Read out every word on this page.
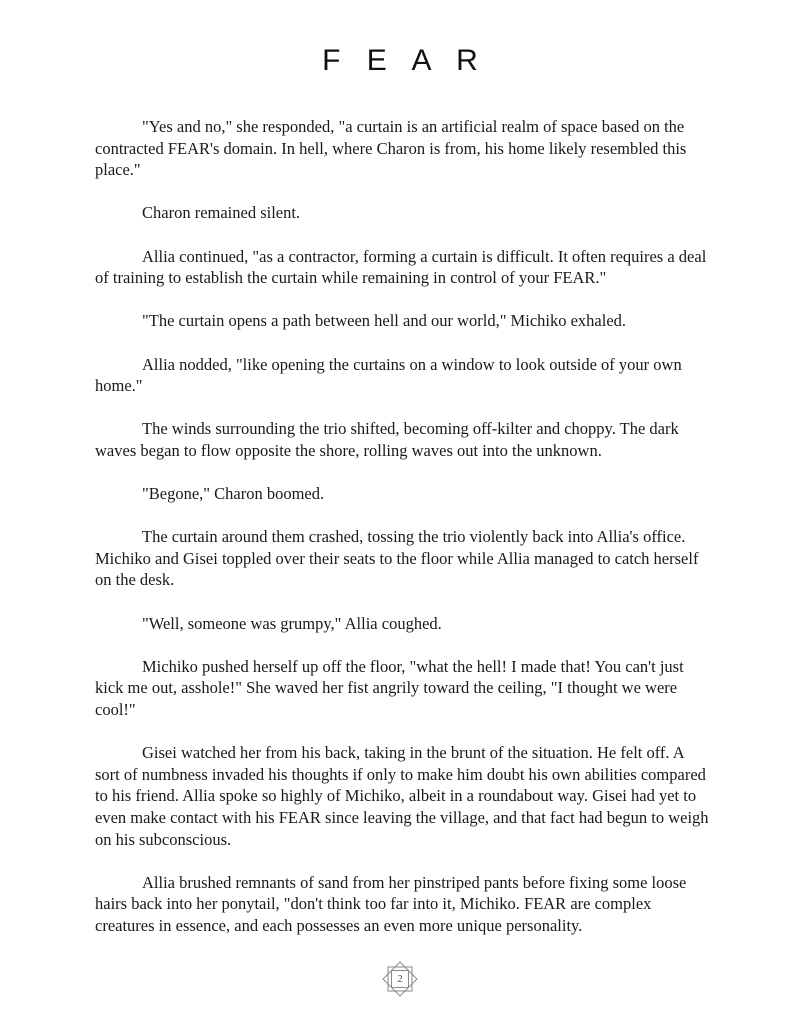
F E A R

"Yes and no," she responded, "a curtain is an artificial realm of space based on the contracted FEAR's domain. In hell, where Charon is from, his home likely resembled this place."

Charon remained silent.

Allia continued, "as a contractor, forming a curtain is difficult. It often requires a deal of training to establish the curtain while remaining in control of your FEAR."

"The curtain opens a path between hell and our world," Michiko exhaled.

Allia nodded, "like opening the curtains on a window to look outside of your own home."

The winds surrounding the trio shifted, becoming off-kilter and choppy. The dark waves began to flow opposite the shore, rolling waves out into the unknown.

"Begone," Charon boomed.

The curtain around them crashed, tossing the trio violently back into Allia's office. Michiko and Gisei toppled over their seats to the floor while Allia managed to catch herself on the desk.

"Well, someone was grumpy," Allia coughed.

Michiko pushed herself up off the floor, "what the hell! I made that! You can't just kick me out, asshole!" She waved her fist angrily toward the ceiling, "I thought we were cool!"

Gisei watched her from his back, taking in the brunt of the situation. He felt off. A sort of numbness invaded his thoughts if only to make him doubt his own abilities compared to his friend. Allia spoke so highly of Michiko, albeit in a roundabout way. Gisei had yet to even make contact with his FEAR since leaving the village, and that fact had begun to weigh on his subconscious.

Allia brushed remnants of sand from her pinstriped pants before fixing some loose hairs back into her ponytail, "don't think too far into it, Michiko. FEAR are complex creatures in essence, and each possesses an even more unique personality.

2
